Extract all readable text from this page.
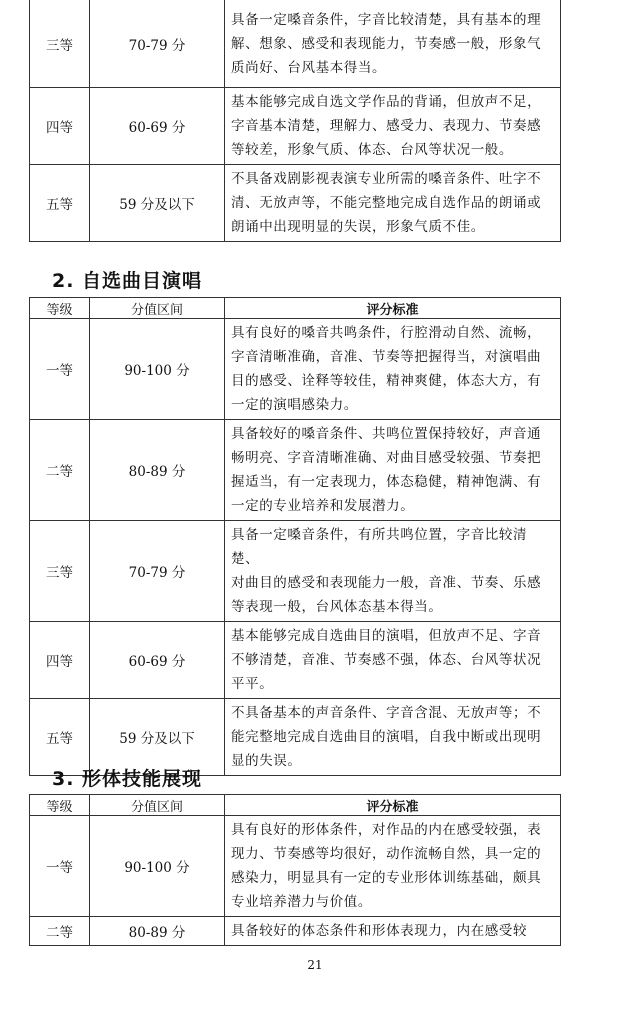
三等	70-79 分	具备一定嗓音条件，字音比较清楚，具有基本的理
解、想象、感受和表现能力，节奏感一般，形象气
质尚好、台风基本得当。

四等	60-69 分	基本能够完成自选文学作品的背诵，但放声不足，
字音基本清楚，理解力、感受力、表现力、节奏感
等较差，形象气质、体态、台风等状况一般。

五等	59 分及以下	不具备戏剧影视表演专业所需的嗓音条件、吐字不
清、无放声等，不能完整地完成自选作品的朗诵或
朗诵中出现明显的失误，形象气质不佳。
2. 自选曲目演唱
等级	分值区间	评分标准
一等	90-100 分	具有良好的嗓音共鸣条件，行腔滑动自然、流畅，
字音清晰准确，音准、节奏等把握得当，对演唱曲
目的感受、诠释等较佳，精神爽健，体态大方，有
一定的演唱感染力。

二等	80-89 分	具备较好的嗓音条件、共鸣位置保持较好，声音通
畅明亮、字音清晰准确、对曲目感受较强、节奏把
握适当，有一定表现力，体态稳健，精神饱满、有
一定的专业培养和发展潜力。

三等	70-79 分	具备一定嗓音条件，有所共鸣位置，字音比较清楚、
对曲目的感受和表现能力一般，音准、节奏、乐感
等表现一般，台风体态基本得当。

四等	60-69 分	基本能够完成自选曲目的演唱，但放声不足、字音
不够清楚，音准、节奏感不强，体态、台风等状况
平平。

五等	59 分及以下	不具备基本的声音条件、字音含混、无放声等；不
能完整地完成自选曲目的演唱，自我中断或出现明
显的失误。
3. 形体技能展现
等级	分值区间	评分标准
一等	90-100 分	具有良好的形体条件，对作品的内在感受较强，表
现力、节奏感等均很好，动作流畅自然，具一定的
感染力，明显具有一定的专业形体训练基础，颇具
专业培养潜力与价值。

二等	80-89 分	具备较好的体态条件和形体表现力，内在感受较
21
